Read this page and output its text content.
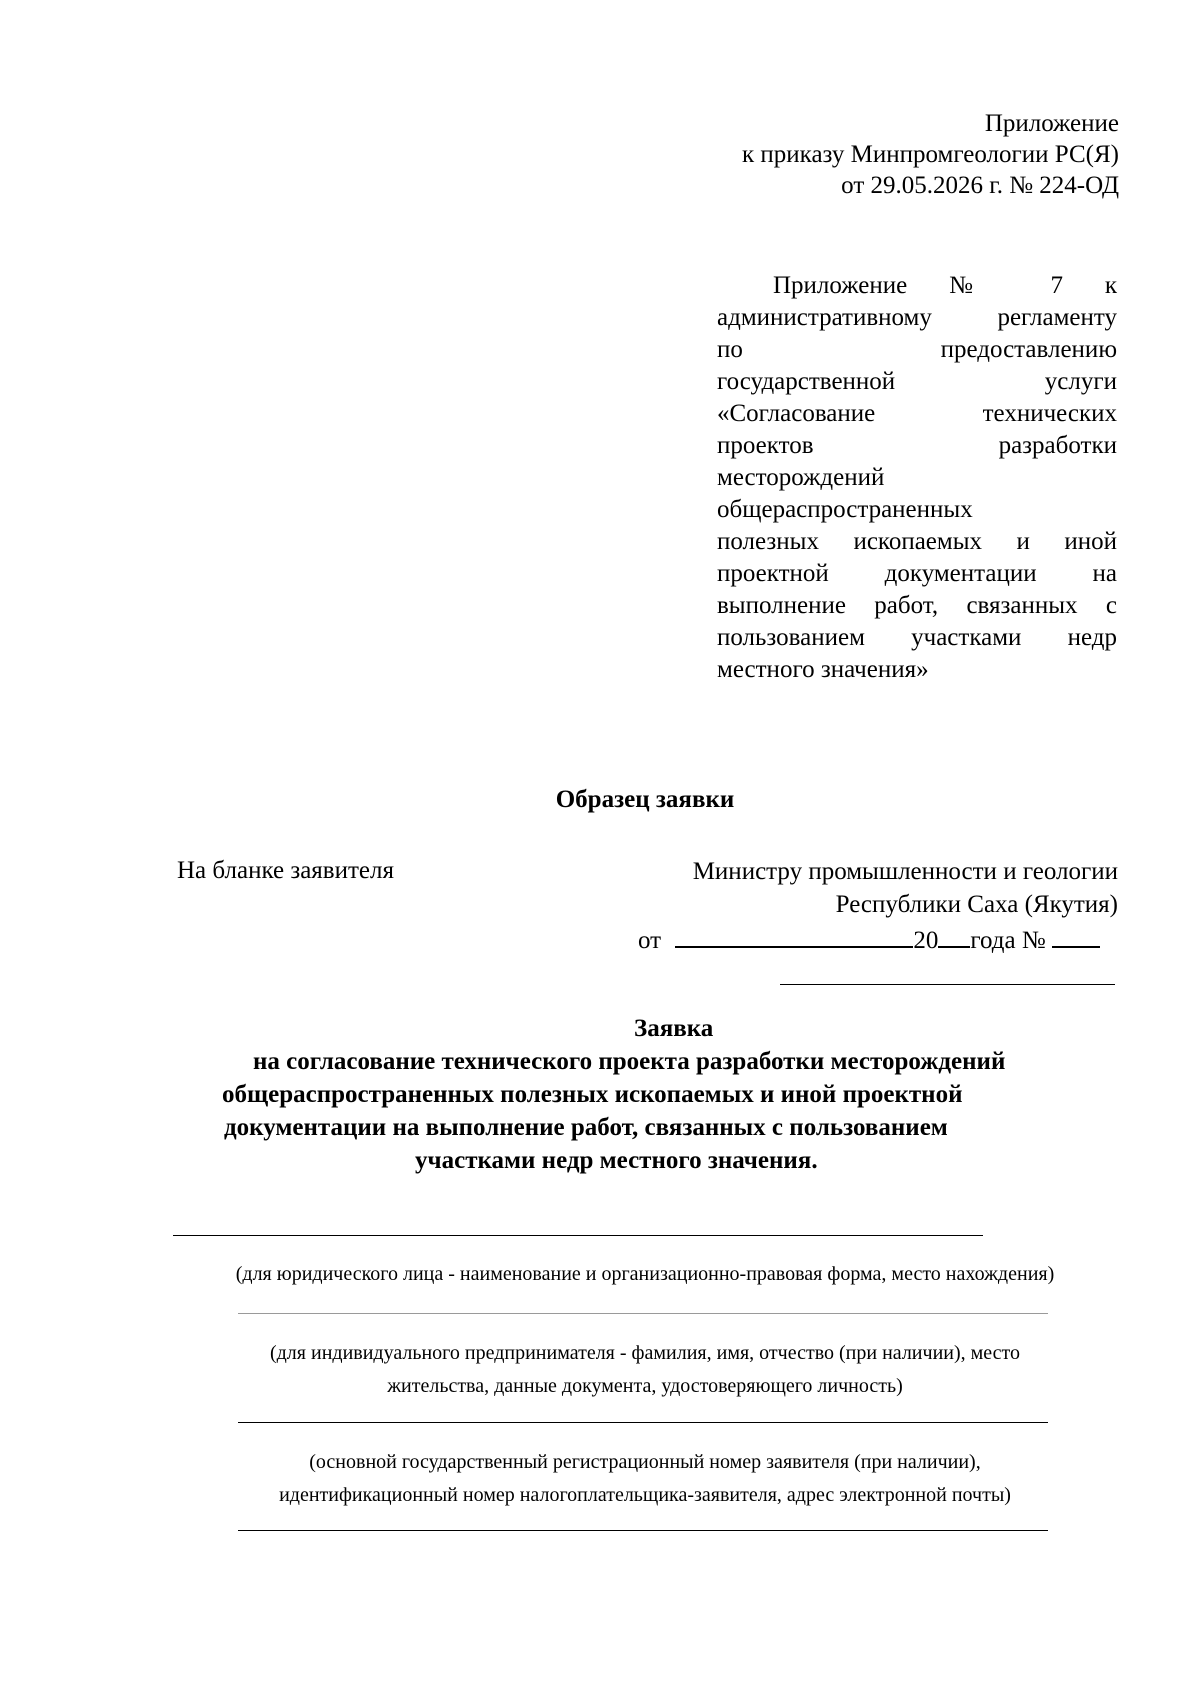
Приложение
к приказу Минпромгеологии РС(Я)
от 29.05.2026 г. № 224-ОД
Приложение № 7 к
административному регламенту
по предоставлению
государственной услуги
«Согласование технических
проектов разработки
месторождений
общераспространенных
полезных ископаемых и иной
проектной документации на
выполнение работ, связанных с
пользованием участками недр
местного значения»
Образец заявки
На бланке заявителя	Министру промышленности и геологии
Республики Саха (Якутия)
от	20 года №
Заявка
на согласование технического проекта разработки месторождений
общераспространенных полезных ископаемых и иной проектной
документации на выполнение работ, связанных с пользованием
участками недр местного значения.
(для юридического лица - наименование и организационно-правовая форма, место нахождения)
(для индивидуального предпринимателя - фамилия, имя, отчество (при наличии), место
жительства, данные документа, удостоверяющего личность)
(основной государственный регистрационный номер заявителя (при наличии),
идентификационный номер налогоплательщика-заявителя, адрес электронной почты)
